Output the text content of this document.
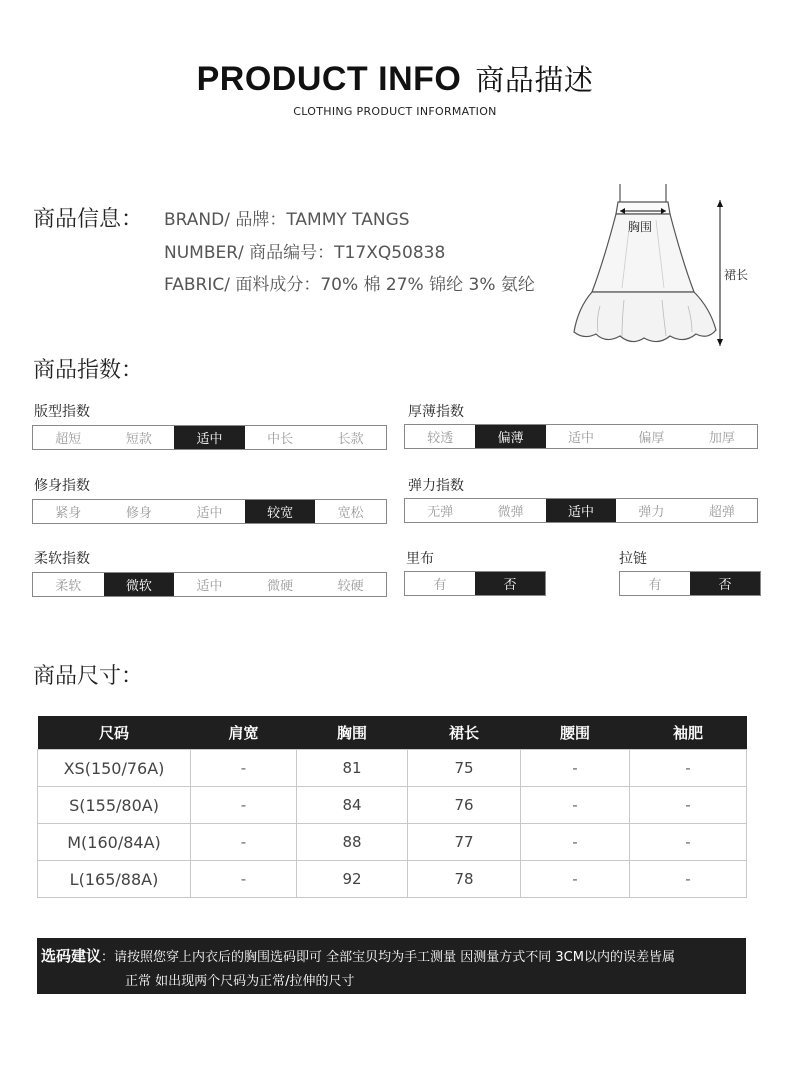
PRODUCT INFO 商品描述
CLOTHING PRODUCT INFORMATION
商品信息： BRAND/ 品牌：TAMMY TANGS
NUMBER/ 商品编号：T17XQ50838
FABRIC/ 面料成分：70% 棉 27% 锦纶 3% 氨纶
胸围
裙长
商品指数：
版型指数
超短	短款	适中	中长	长款
厚薄指数
较透	偏薄	适中	偏厚	加厚
修身指数
紧身	修身	适中	较宽	宽松
弹力指数
无弹	微弹	适中	弹力	超弹
柔软指数
柔软	微软	适中	微硬	较硬
里布
有	否
拉链
有	否
商品尺寸：
尺码	肩宽	胸围	裙长	腰围	袖肥
XS(150/76A)	-	81	75	-	-
S(155/80A)	-	84	76	-	-
M(160/84A)	-	88	77	-	-
L(165/88A)	-	92	78	-	-
选码建议：请按照您穿上内衣后的胸围选码即可 全部宝贝均为手工测量 因测量方式不同 3CM以内的误差皆属
正常 如出现两个尺码为正常/拉伸的尺寸
